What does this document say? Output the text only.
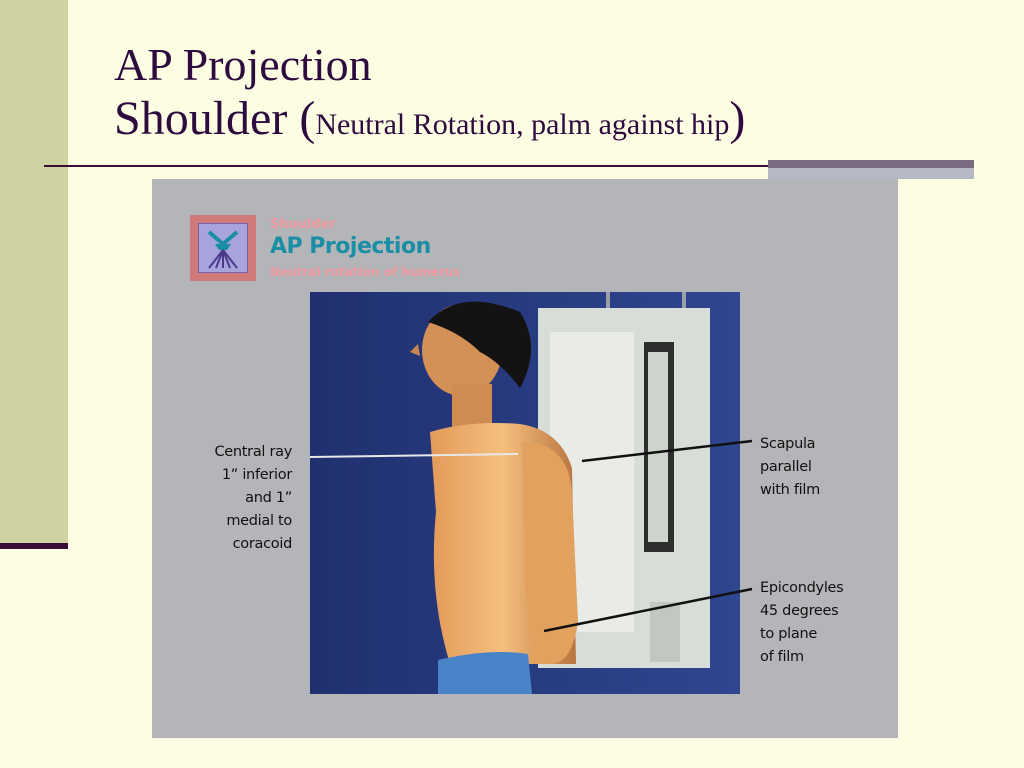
AP Projection

Shoulder (Neutral Rotation, palm against hip)
Shoulder
AP Projection
Neutral rotation of humerus
Central ray
1” inferior
and 1”
medial to
coracoid
Scapula
parallel
with film
Epicondyles
45 degrees
to plane
of film
